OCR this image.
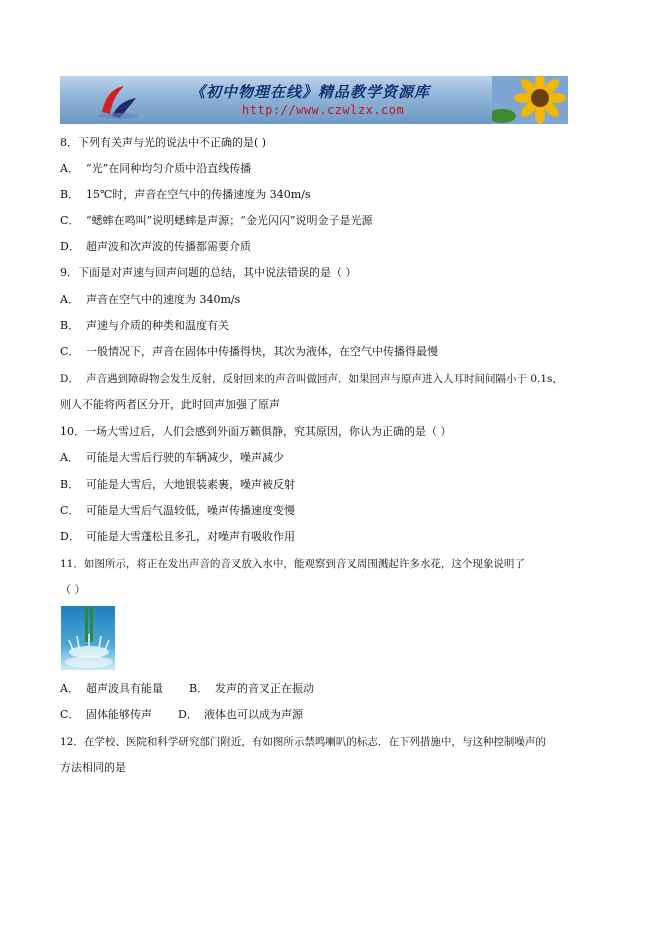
《初中物理在线》精品教学资源库
http://www.czwlzx.com
8．下列有关声与光的说法中不正确的是( )
A． “光”在同种均匀介质中沿直线传播
B． 15℃时，声音在空气中的传播速度为 340m/s
C． “蟋蟀在鸣叫”说明蟋蟀是声源；“金光闪闪”说明金子是光源
D． 超声波和次声波的传播都需要介质
9．下面是对声速与回声问题的总结，其中说法错误的是（ ）
A． 声音在空气中的速度为 340m/s
B． 声速与介质的种类和温度有关
C． 一般情况下，声音在固体中传播得快，其次为液体，在空气中传播得最慢
D． 声音遇到障碍物会发生反射，反射回来的声音叫做回声．如果回声与原声进入人耳时间间隔小于 0.1s，
则人不能将两者区分开，此时回声加强了原声
10．一场大雪过后，人们会感到外面万籁俱静，究其原因，你认为正确的是（ ）
A． 可能是大雪后行驶的车辆减少，噪声减少
B． 可能是大雪后，大地银装素裹，噪声被反射
C． 可能是大雪后气温较低，噪声传播速度变慢
D． 可能是大雪蓬松且多孔，对噪声有吸收作用
11．如图所示，将正在发出声音的音叉放入水中，能观察到音叉周围溅起许多水花，这个现象说明了
（ ）
A． 超声波具有能量 B． 发声的音叉正在振动
C． 固体能够传声 D． 液体也可以成为声源
12．在学校、医院和科学研究部门附近，有如图所示禁鸣喇叭的标志．在下列措施中，与这种控制噪声的
方法相同的是
